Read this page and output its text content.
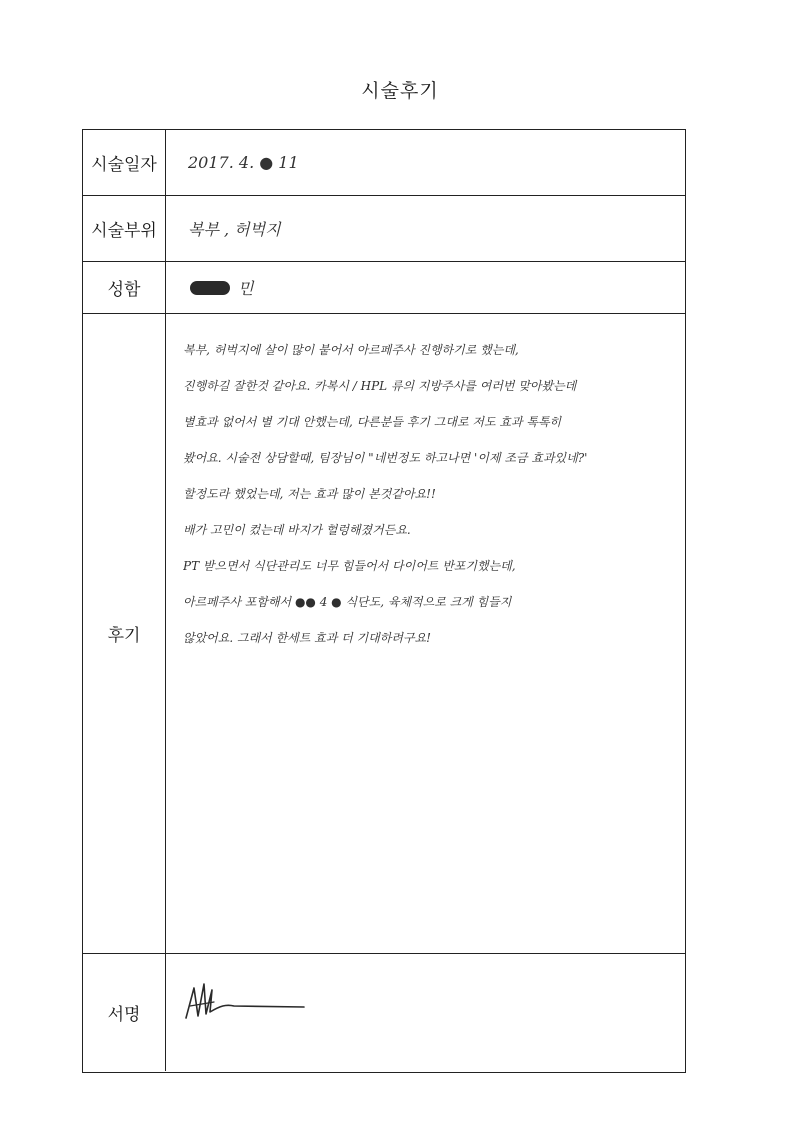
시술후기
시술일자	2017. 4. ● 11
시술부위	복부 , 허벅지
성함	민
후기
복부, 허벅지에 살이 많이 붙어서 아르페주사 진행하기로 했는데,
진행하길 잘한것 같아요. 카복시 / HPL 류의 지방주사를 여러번 맞아봤는데
별효과 없어서 별 기대 안했는데, 다른분들 후기 그대로 저도 효과 톡톡히
봤어요. 시술전 상담할때, 팀장님이 "네번정도 하고나면 '이제 조금 효과있네?'
할정도라 했었는데, 저는 효과 많이 본것같아요!!
배가 고민이 컸는데 바지가 헐렁해졌거든요.
PT 받으면서 식단관리도 너무 힘들어서 다이어트 반포기했는데,
아르페주사 포함해서 ●● 4 ● 식단도, 육체적으로 크게 힘들지
않았어요. 그래서 한세트 효과 더 기대하려구요!
서명
